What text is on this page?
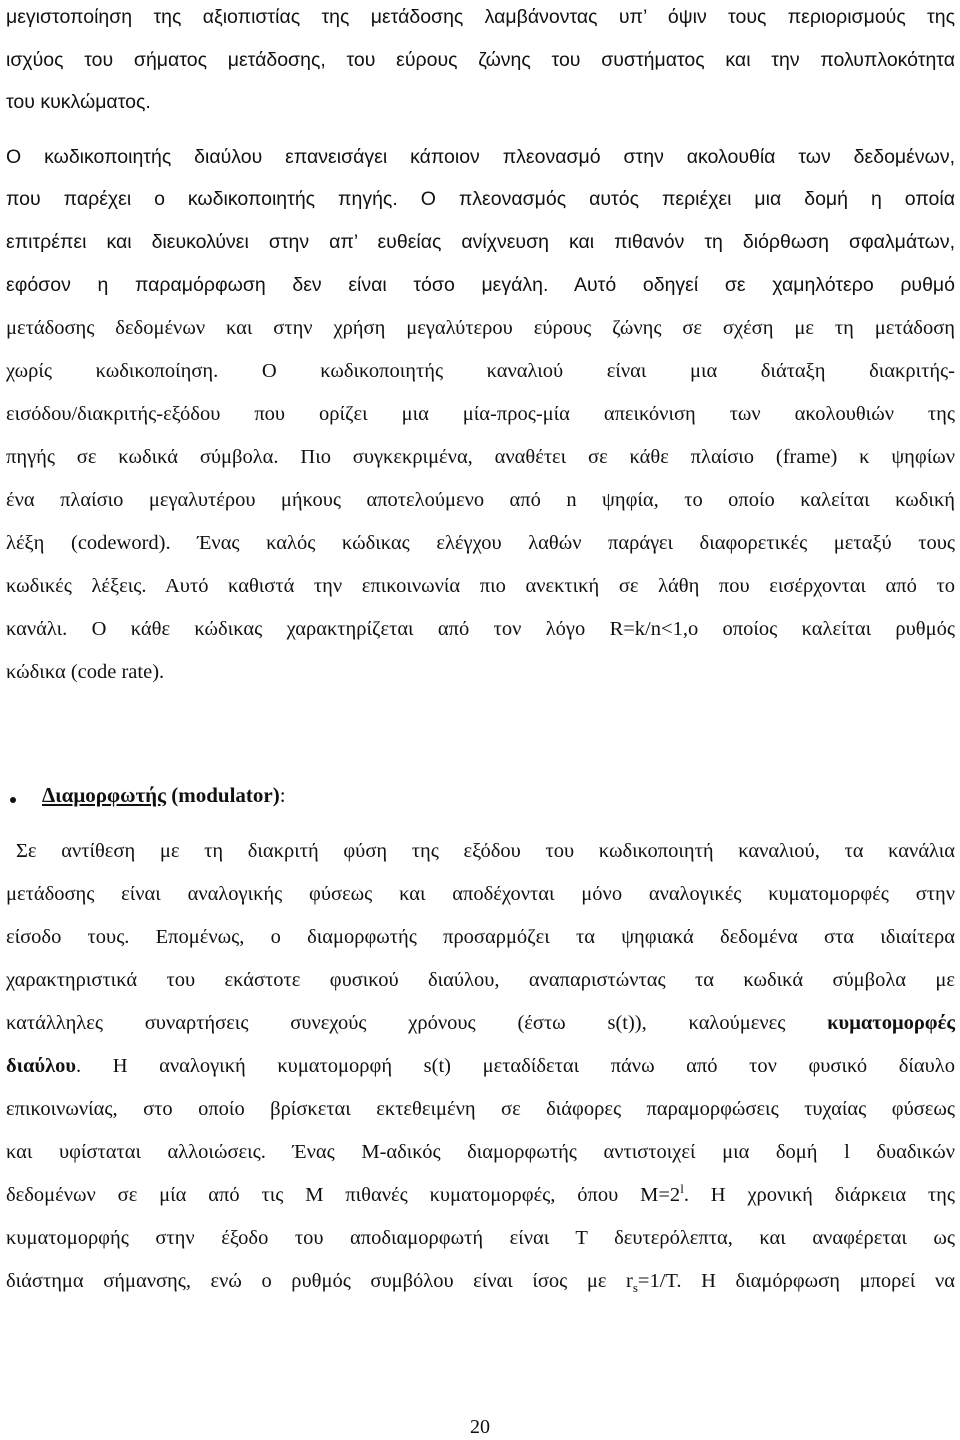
μεγιστοποίηση της αξιοπιστίας της μετάδοσης λαμβάνοντας υπ’ όψιν τους περιορισμούς της
ισχύος του σήματος μετάδοσης, του εύρους ζώνης του συστήματος και την πολυπλοκότητα
του κυκλώματος.
Ο κωδικοποιητής διαύλου επανεισάγει κάποιον πλεονασμό στην ακολουθία των δεδομένων,
που παρέχει ο κωδικοποιητής πηγής. Ο πλεονασμός αυτός περιέχει μια δομή η οποία
επιτρέπει και διευκολύνει στην απ’ ευθείας ανίχνευση και πιθανόν τη διόρθωση σφαλμάτων,
εφόσον η παραμόρφωση δεν είναι τόσο μεγάλη. Αυτό οδηγεί σε χαμηλότερο ρυθμό
μετάδοσης δεδομένων και στην χρήση μεγαλύτερου εύρους ζώνης σε σχέση με τη μετάδοση
χωρίς κωδικοποίηση. Ο κωδικοποιητής καναλιού είναι μια διάταξη διακριτής-
εισόδου/διακριτής-εξόδου που ορίζει μια μία-προς-μία απεικόνιση των ακολουθιών της
πηγής σε κωδικά σύμβολα. Πιο συγκεκριμένα, αναθέτει σε κάθε πλαίσιο (frame) κ ψηφίων
ένα πλαίσιο μεγαλυτέρου μήκους αποτελούμενο από n ψηφία, το οποίο καλείται κωδική
λέξη (codeword). Ένας καλός κώδικας ελέγχου λαθών παράγει διαφορετικές μεταξύ τους
κωδικές λέξεις. Αυτό καθιστά την επικοινωνία πιο ανεκτική σε λάθη που εισέρχονται από το
κανάλι. Ο κάθε κώδικας χαρακτηρίζεται από τον λόγο R=k/n<1,ο οποίος καλείται ρυθμός
κώδικα (code rate).
Διαμορφωτής (modulator):
Σε αντίθεση με τη διακριτή φύση της εξόδου του κωδικοποιητή καναλιού, τα κανάλια
μετάδοσης είναι αναλογικής φύσεως και αποδέχονται μόνο αναλογικές κυματομορφές στην
είσοδο τους. Επομένως, ο διαμορφωτής προσαρμόζει τα ψηφιακά δεδομένα στα ιδιαίτερα
χαρακτηριστικά του εκάστοτε φυσικού διαύλου, αναπαριστώντας τα κωδικά σύμβολα με
κατάλληλες συναρτήσεις συνεχούς χρόνους (έστω s(t)), καλούμενες κυματομορφές
διαύλου. Η αναλογική κυματομορφή s(t) μεταδίδεται πάνω από τον φυσικό δίαυλο
επικοινωνίας, στο οποίο βρίσκεται εκτεθειμένη σε διάφορες παραμορφώσεις τυχαίας φύσεως
και υφίσταται αλλοιώσεις. Ένας Μ-αδικός διαμορφωτής αντιστοιχεί μια δομή l δυαδικών
δεδομένων σε μία από τις Μ πιθανές κυματομορφές, όπου $M=2^l$. Η χρονική διάρκεια της
κυματομορφής στην έξοδο του αποδιαμορφωτή είναι Τ δευτερόλεπτα, και αναφέρεται ως
διάστημα σήμανσης, ενώ ο ρυθμός συμβόλου είναι ίσος με $r_s=1/T$. Η διαμόρφωση μπορεί να
20
